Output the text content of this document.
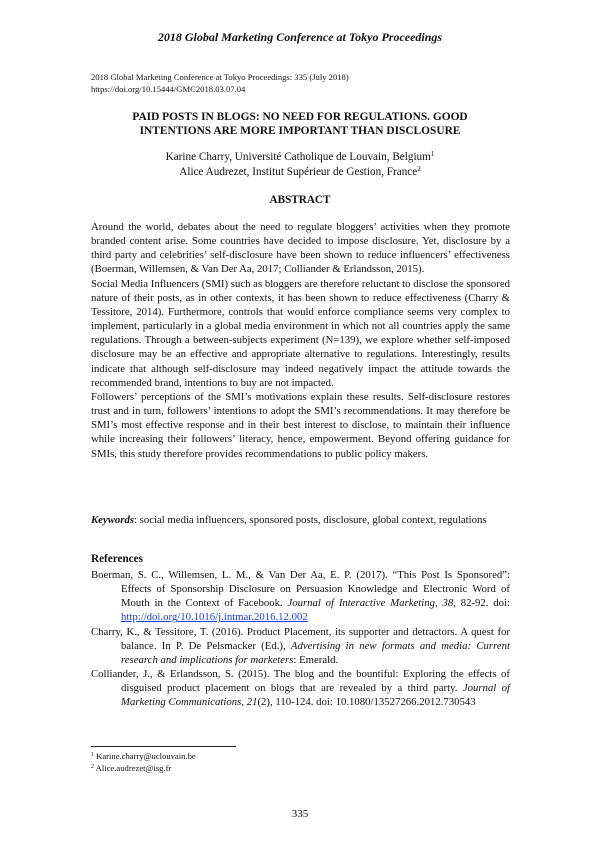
2018 Global Marketing Conference at Tokyo Proceedings
2018 Global Marketing Conference at Tokyo Proceedings: 335 (July 2018)
https://doi.org/10.15444/GMC2018.03.07.04
PAID POSTS IN BLOGS: NO NEED FOR REGULATIONS. GOOD
INTENTIONS ARE MORE IMPORTANT THAN DISCLOSURE
Karine Charry, Université Catholique de Louvain, Belgium$^1$
Alice Audrezet, Institut Supérieur de Gestion, France$^2$
ABSTRACT

Around the world, debates about the need to regulate bloggers’ activities when they promote branded content arise. Some countries have decided to impose disclosure. Yet, disclosure by a third party and celebrities’ self-disclosure have been shown to reduce influencers’ effectiveness (Boerman, Willemsen, & Van Der Aa, 2017; Colliander & Erlandsson, 2015).

Social Media Influencers (SMI) such as bloggers are therefore reluctant to disclose the sponsored nature of their posts, as in other contexts, it has been shown to reduce effectiveness (Charry & Tessitore, 2014). Furthermore, controls that would enforce compliance seems very complex to implement, particularly in a global media environment in which not all countries apply the same regulations. Through a between-subjects experiment (N=139), we explore whether self-imposed disclosure may be an effective and appropriate alternative to regulations. Interestingly, results indicate that although self-disclosure may indeed negatively impact the attitude towards the recommended brand, intentions to buy are not impacted.

Followers’ perceptions of the SMI’s motivations explain these results. Self-disclosure restores trust and in turn, followers’ intentions to adopt the SMI’s recommendations. It may therefore be SMI’s most effective response and in their best interest to disclose, to maintain their influence while increasing their followers’ literacy, hence, empowerment. Beyond offering guidance for SMIs, this study therefore provides recommendations to public policy makers.

Keywords: social media influencers, sponsored posts, disclosure, global context, regulations
References

Boerman, S. C., Willemsen, L. M., & Van Der Aa, E. P. (2017). “This Post Is Sponsored”: Effects of Sponsorship Disclosure on Persuasion Knowledge and Electronic Word of Mouth in the Context of Facebook. Journal of Interactive Marketing, 38, 82-92. doi: http://doi.org/10.1016/j.intmar.2016.12.002

Charry, K., & Tessitore, T. (2016). Product Placement, its supporter and detractors. A quest for balance. In P. De Pelsmacker (Ed.), Advertising in new formats and media: Current research and implications for marketers: Emerald.

Colliander, J., & Erlandsson, S. (2015). The blog and the bountiful: Exploring the effects of disguised product placement on blogs that are revealed by a third party. Journal of Marketing Communications, 21(2), 110-124. doi: 10.1080/13527266.2012.730543

$^1$ Karine.charry@uclouvain.be
$^2$ Alice.audrezet@isg.fr
335
